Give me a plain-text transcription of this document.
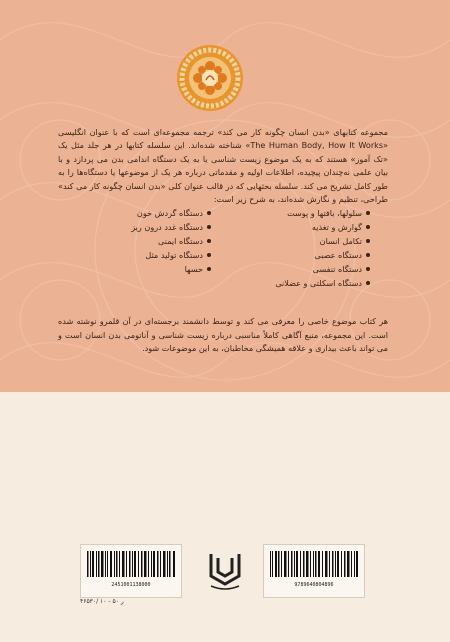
مجموعه کتابهای «بدن انسان چگونه کار می کند» ترجمه مجموعه‌ای است که با عنوان انگلیسی «The Human Body, How It Works» شناخته شده‌اند. این سلسله کتابها در هر جلد مثل یک «تک آموز» هستند که به یک موضوع زیست شناسی یا به یک دستگاه اندامی بدن می پردازد و با بیان علمی نه‌چندان پیچیده، اطلاعات اولیه و مقدماتی درباره هر یک از موضوعها یا دستگاه‌ها را به طور کامل تشریح می کند. سلسله بحثهایی که در قالب عنوان کلی «بدن انسان چگونه کار می کند» طراحی، تنظیم و نگارش شده‌اند، به شرح زیر است:

سلولها، بافتها و پوست
گوارش و تغذیه
تکامل انسان
دستگاه عصبی
دستگاه تنفسی
دستگاه اسکلتی و عضلانی
دستگاه گردش خون
دستگاه غدد درون ریز
دستگاه ایمنی
دستگاه تولید مثل
حسها

هر کتاب موضوع خاصی را معرفی می کند و توسط دانشمند برجسته‌ای در آن قلمرو نوشته شده است. این مجموعه، منبع آگاهی کاملاً مناسبی درباره زیست شناسی و آناتومی بدن انسان است و می تواند باعث بیداری و علاقه همیشگی مخاطبان، به این موضوعات شود.

2451001138000
۴۶۵۳۰/ ۱۰ - ۵۰ ر
9789640804896
